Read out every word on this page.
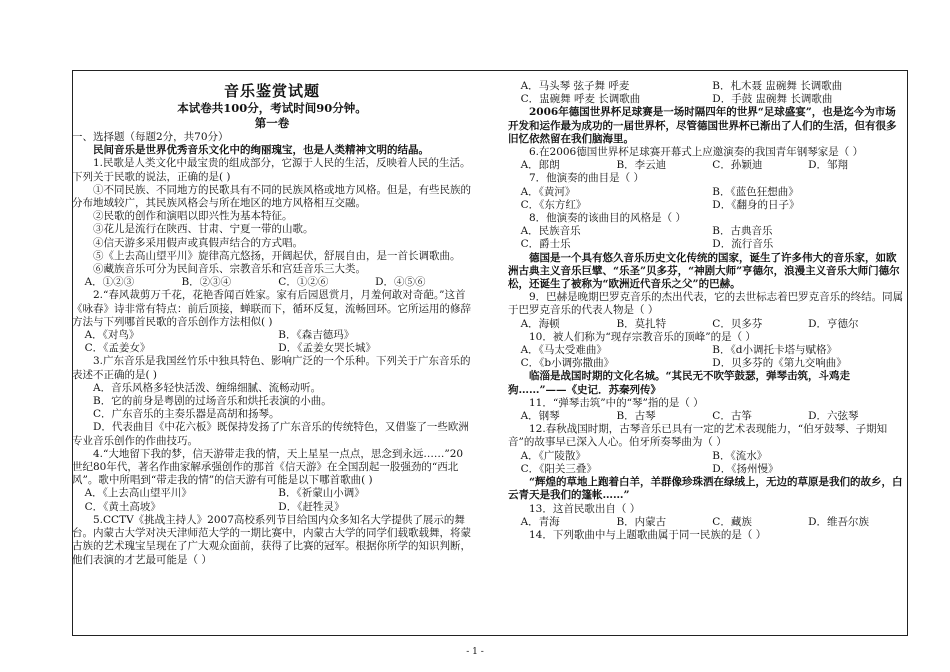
音乐鉴赏试题
本试卷共100分，考试时间90分钟。
第一卷

一、选择题（每题2分，共70分）

民间音乐是世界优秀音乐文化中的绚丽瑰宝，也是人类精神文明的结晶。

1.民歌是人类文化中最宝贵的组成部分，它源于人民的生活，反映着人民的生活。下列关于民歌的说法，正确的是( )

①不同民族、不同地方的民歌具有不同的民族风格或地方风格。但是，有些民族的分布地域较广，其民族风格会与所在地区的地方风格相互交融。

②民歌的创作和演唱以即兴性为基本特征。

③花儿是流行在陕西、甘肃、宁夏一带的山歌。

④信天游多采用假声或真假声结合的方式唱。

⑤《上去高山望平川》旋律高亢悠扬，开阔起伏，舒展自由，是一首长调歌曲。

⑥藏族音乐可分为民间音乐、宗教音乐和宫廷音乐三大类。

A．①②③	B．②③④	C．①②⑥	D．④⑤⑥

2.“春风裁剪万千花，花艳香闻百姓家。家有后园恩赏月，月羞何敢对奇葩。”这首《咏春》诗非常有特点：前后顶接，蝉联而下，循环反复，流畅回环。它所运用的修辞方法与下列哪首民歌的音乐创作方法相似( )

A．《对鸟》	B．《森吉德玛》
C．《孟姜女》	D．《孟姜女哭长城》

3.广东音乐是我国丝竹乐中独具特色、影响广泛的一个乐种。下列关于广东音乐的表述不正确的是( )

A．音乐风格多轻快活泼、缠绵细腻、流畅动听。

B．它的前身是粤剧的过场音乐和烘托表演的小曲。

C．广东音乐的主奏乐器是高胡和扬琴。

D．代表曲目《中花六板》既保持发扬了广东音乐的传统特色，又借鉴了一些欧洲专业音乐创作的作曲技巧。

4.“大地留下我的梦，信天游带走我的情，天上星星一点点，思念到永远……”20世纪80年代，著名作曲家解承强创作的那首《信天游》在全国刮起一股强劲的“西北风”。歌中所唱到“带走我的情”的信天游有可能是以下哪首歌曲( )

A．《上去高山望平川》	B．《祈蒙山小调》
C．《黄土高坡》	D．《赶牲灵》

5.CCTV《挑战主持人》2007高校系列节目给国内众多知名大学提供了展示的舞台。内蒙古大学对决天津师范大学的一期比赛中，内蒙古大学的同学们载歌载舞，将蒙古族的艺术瑰宝呈现在了广大观众面前，获得了比赛的冠军。根据你所学的知识判断，他们表演的才艺最可能是（ ）

A．马头琴 弦子舞 呼麦	B．札木聂 盅碗舞 长调歌曲
C．盅碗舞 呼麦 长调歌曲	D．手鼓 盅碗舞 长调歌曲

2006年德国世界杯足球赛是一场时隔四年的世界“足球盛宴”，也是迄今为市场开发和运作最为成功的一届世界杯，尽管德国世界杯已渐出了人们的生活，但有很多旧忆依然留在我们脑海里。

6.在2006德国世界杯足球赛开幕式上应邀演奏的我国青年钢琴家是（ ）

A．郎朗	B．李云迪	C．孙颖迪	D．邹翔

7．他演奏的曲目是（ ）

A．《黄河》	B．《蓝色狂想曲》
C．《东方红》	D．《翻身的日子》

8．他演奏的该曲目的风格是（ ）

A．民族音乐	B．古典音乐
C．爵士乐	D．流行音乐

德国是一个具有悠久音乐历史文化传统的国家，诞生了许多伟大的音乐家，如欧洲古典主义音乐巨擘、“乐圣”贝多芬，“神剧大师”亨德尔，浪漫主义音乐大师门德尔松，还诞生了被称为“欧洲近代音乐之父”的巴赫。

9．巴赫是晚期巴罗克音乐的杰出代表，它的去世标志着巴罗克音乐的终结。同属于巴罗克音乐的代表人物是（ ）

A．海顿	B．莫扎特	C．贝多芬	D．亨德尔

10．被人们称为“现存宗教音乐的顶峰”的是（ ）

A．《马太受难曲》	B．《d小调托卡塔与赋格》
C．《b小调弥撒曲》	D．贝多芬的《第九交响曲》

临淄是战国时期的文化名城。“其民无不吹竽鼓瑟，弹琴击筑，斗鸡走狗……”——《史记．苏秦列传》

11．“弹琴击筑”中的“琴”指的是（ ）

A．钢琴	B．古琴	C．古筝	D．六弦琴

12.春秋战国时期，古琴音乐已具有一定的艺术表现能力，“伯牙鼓琴、子期知音”的故事早已深入人心。伯牙所奏琴曲为（ ）

A．《广陵散》	B．《流水》
C．《阳关三叠》	D．《扬州慢》

“辉煌的草地上跑着白羊，羊群像珍珠洒在绿绒上，无边的草原是我们的故乡，白云青天是我们的篷帐……”

13．这首民歌出自（ ）

A．青海	B．内蒙古	C．藏族	D．维吾尔族

14．下列歌曲中与上题歌曲属于同一民族的是（ ）

- 1 -
